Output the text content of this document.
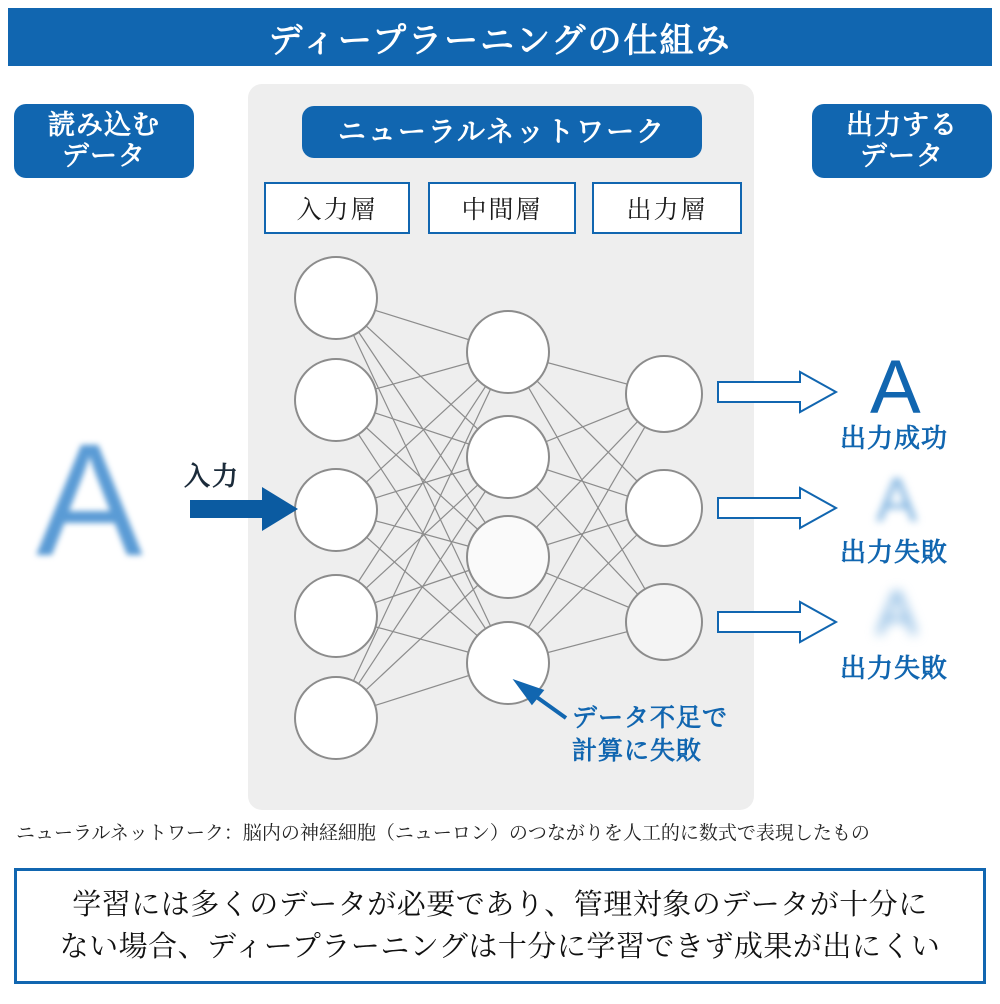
ディープラーニングの仕組み
読み込む
データ
出力する
データ
ニューラルネットワーク
入力層	中間層	出力層
A 入力
A
出力成功
A
出力失敗
A
出力失敗
データ不足で
計算に失敗
ニューラルネットワーク：脳内の神経細胞（ニューロン）のつながりを人工的に数式で表現したもの
学習には多くのデータが必要であり、管理対象のデータが十分に
ない場合、ディープラーニングは十分に学習できず成果が出にくい
